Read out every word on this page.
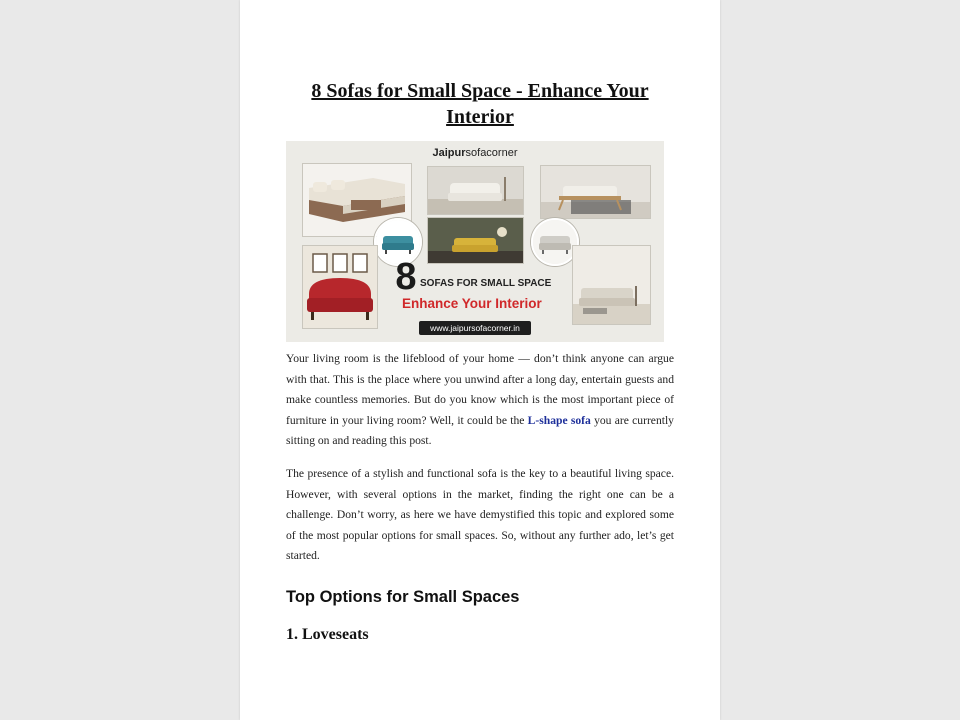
8 Sofas for Small Space - Enhance Your
Interior
Jaipursofacorner
8 SOFAS FOR SMALL SPACE
Enhance Your Interior
www.jaipursofacorner.in

Your living room is the lifeblood of your home — don’t think anyone can argue with that. This is the place where you unwind after a long day, entertain guests and make countless memories. But do you know which is the most important piece of furniture in your living room? Well, it could be the L-shape sofa you are currently sitting on and reading this post.

The presence of a stylish and functional sofa is the key to a beautiful living space. However, with several options in the market, finding the right one can be a challenge. Don’t worry, as here we have demystified this topic and explored some of the most popular options for small spaces. So, without any further ado, let’s get started.

Top Options for Small Spaces
1. Loveseats
